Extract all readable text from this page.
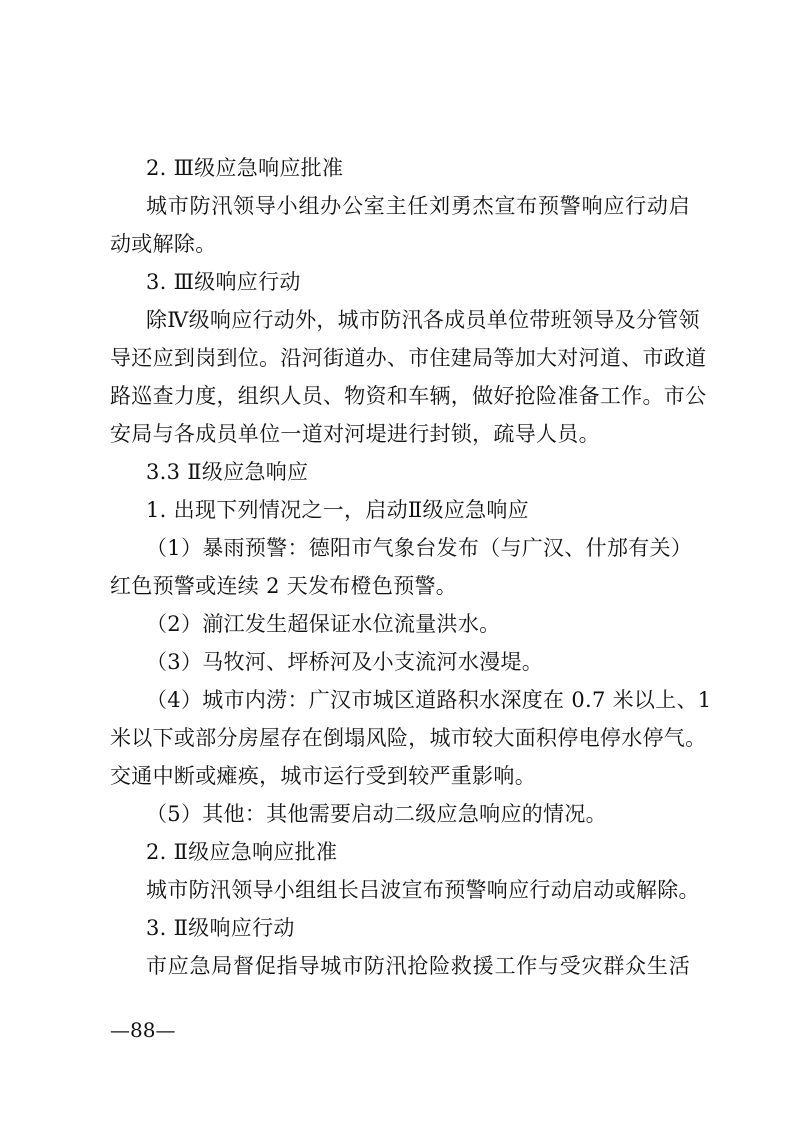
2. Ⅲ级应急响应批准
城市防汛领导小组办公室主任刘勇杰宣布预警响应行动启
动或解除。
3. Ⅲ级响应行动
除Ⅳ级响应行动外，城市防汛各成员单位带班领导及分管领
导还应到岗到位。沿河街道办、市住建局等加大对河道、市政道
路巡查力度，组织人员、物资和车辆，做好抢险准备工作。市公
安局与各成员单位一道对河堤进行封锁，疏导人员。
3.3 Ⅱ级应急响应
1. 出现下列情况之一，启动Ⅱ级应急响应
（1）暴雨预警：德阳市气象台发布（与广汉、什邡有关）
红色预警或连续 2 天发布橙色预警。
（2）湔江发生超保证水位流量洪水。
（3）马牧河、坪桥河及小支流河水漫堤。
（4）城市内涝：广汉市城区道路积水深度在 0.7 米以上、1
米以下或部分房屋存在倒塌风险，城市较大面积停电停水停气。
交通中断或瘫痪，城市运行受到较严重影响。
（5）其他：其他需要启动二级应急响应的情况。
2. Ⅱ级应急响应批准
城市防汛领导小组组长吕波宣布预警响应行动启动或解除。
3. Ⅱ级响应行动
市应急局督促指导城市防汛抢险救援工作与受灾群众生活
—88—
